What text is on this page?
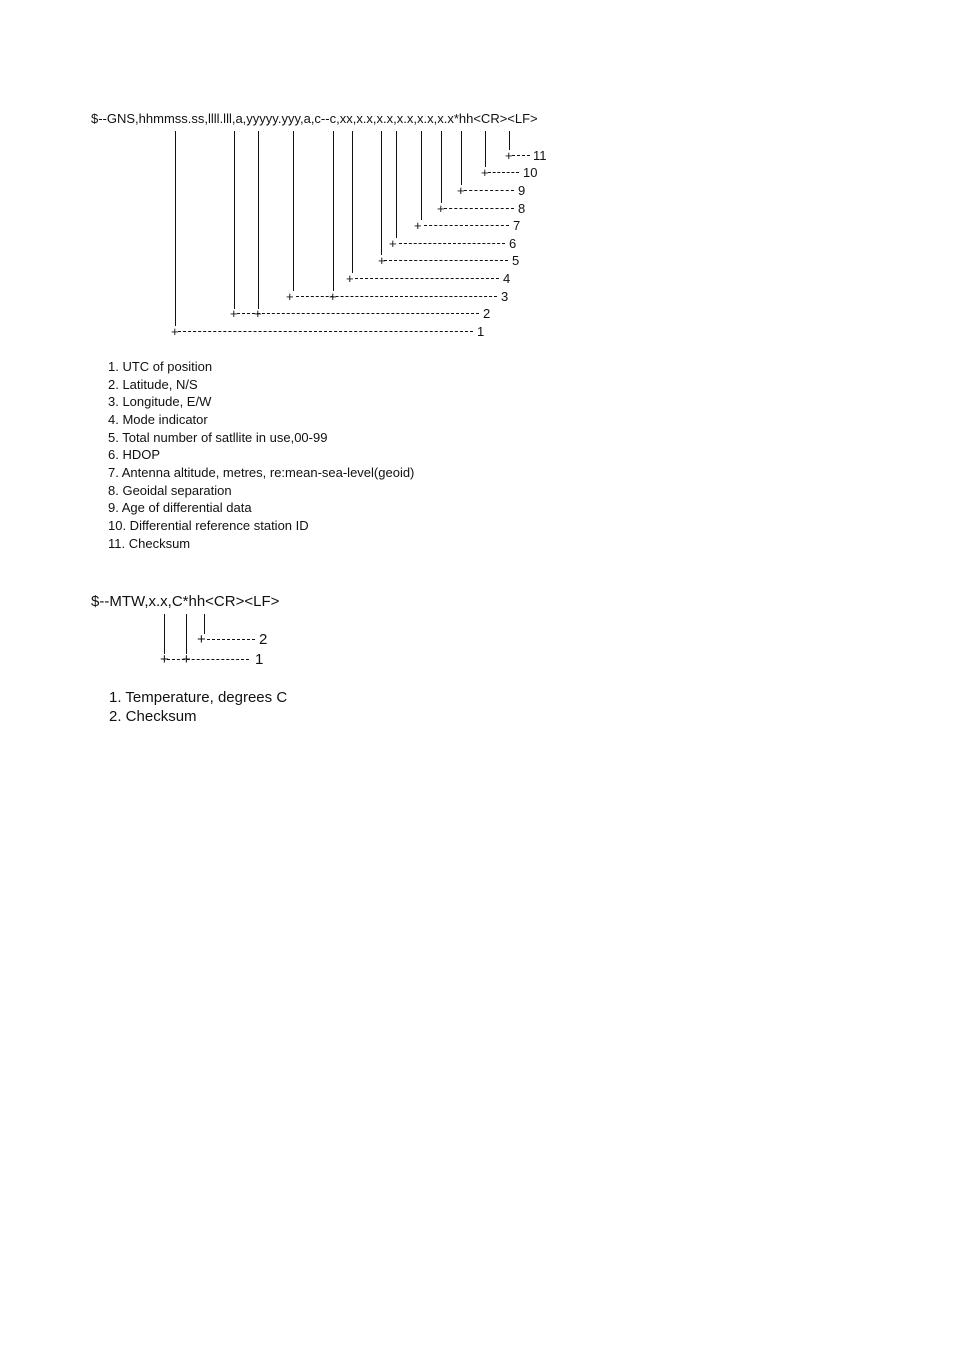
$--GNS,hhmmss.ss,llll.lll,a,yyyyy.yyy,a,c--c,xx,x.x,x.x,x.x,x.x,x.x*hh<CR><LF>
+
+
+
+
+
+
+
+
+	+
+ +
+
11
10
9
8
7
6
5
4
3
2
1
1. UTC of position
2. Latitude, N/S
3. Longitude, E/W
4. Mode indicator
5. Total number of satllite in use,00-99
6. HDOP
7. Antenna altitude, metres, re:mean-sea-level(geoid)
8. Geoidal separation
9. Age of differential data
10. Differential reference station ID
11. Checksum
$--MTW,x.x,C*hh<CR><LF>
+
+ +
2
1
1. Temperature, degrees C
2. Checksum
